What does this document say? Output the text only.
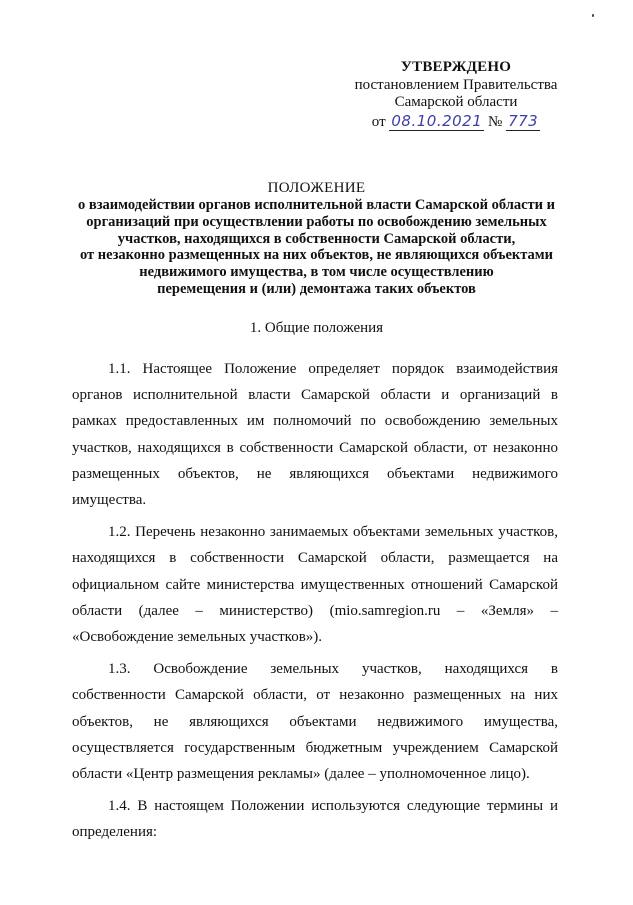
УТВЕРЖДЕНО
постановлением Правительства
Самарской области
от 08.10.2021 № 773
ПОЛОЖЕНИЕ
о взаимодействии органов исполнительной власти Самарской области и
организаций при осуществлении работы по освобождению земельных
участков, находящихся в собственности Самарской области,
от незаконно размещенных на них объектов, не являющихся объектами
недвижимого имущества, в том числе осуществлению
перемещения и (или) демонтажа таких объектов
1. Общие положения

1.1. Настоящее Положение определяет порядок взаимодействия органов исполнительной власти Самарской области и организаций в рамках предоставленных им полномочий по освобождению земельных участков, находящихся в собственности Самарской области, от незаконно размещенных объектов, не являющихся объектами недвижимого имущества.

1.2. Перечень незаконно занимаемых объектами земельных участков, находящихся в собственности Самарской области, размещается на официальном сайте министерства имущественных отношений Самарской области (далее – министерство) (mio.samregion.ru – «Земля» – «Освобождение земельных участков»).

1.3. Освобождение земельных участков, находящихся в собственности Самарской области, от незаконно размещенных на них объектов, не являющихся объектами недвижимого имущества, осуществляется государственным бюджетным учреждением Самарской области «Центр размещения рекламы» (далее – уполномоченное лицо).

1.4. В настоящем Положении используются следующие термины и определения:
